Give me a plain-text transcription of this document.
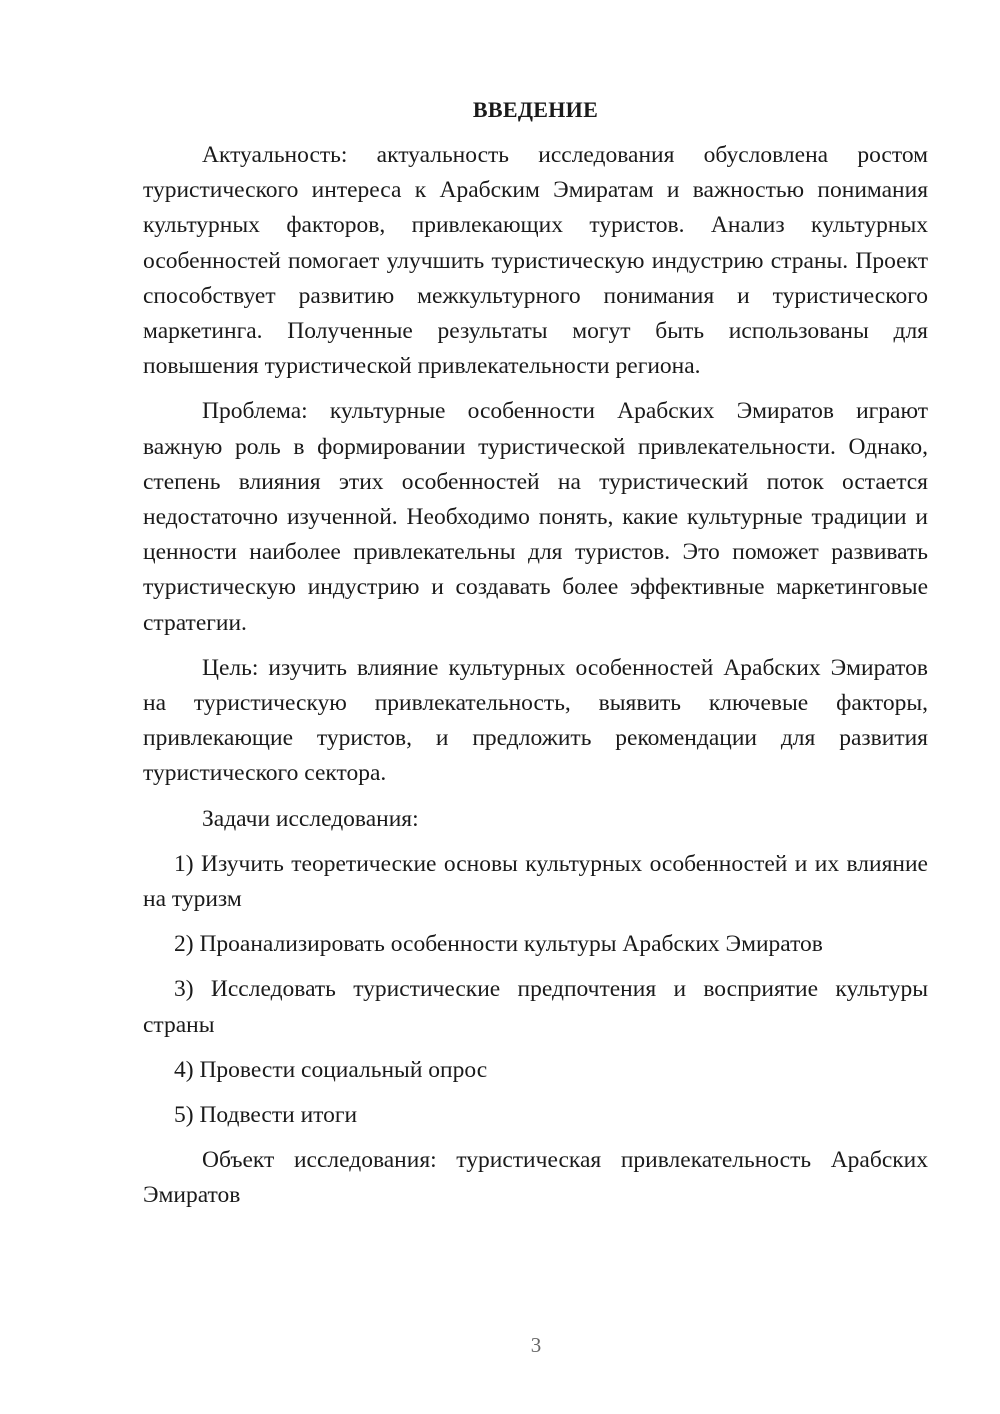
ВВЕДЕНИЕ

Актуальность: актуальность исследования обусловлена ростом туристического интереса к Арабским Эмиратам и важностью понимания культурных факторов, привлекающих туристов. Анализ культурных особенностей помогает улучшить туристическую индустрию страны. Проект способствует развитию межкультурного понимания и туристического маркетинга. Полученные результаты могут быть использованы для повышения туристической привлекательности региона.

Проблема: культурные особенности Арабских Эмиратов играют важную роль в формировании туристической привлекательности. Однако, степень влияния этих особенностей на туристический поток остается недостаточно изученной. Необходимо понять, какие культурные традиции и ценности наиболее привлекательны для туристов. Это поможет развивать туристическую индустрию и создавать более эффективные маркетинговые стратегии.

Цель: изучить влияние культурных особенностей Арабских Эмиратов на туристическую привлекательность, выявить ключевые факторы, привлекающие туристов, и предложить рекомендации для развития туристического сектора.

Задачи исследования:

1) Изучить теоретические основы культурных особенностей и их влияние на туризм

2) Проанализировать особенности культуры Арабских Эмиратов

3) Исследовать туристические предпочтения и восприятие культуры страны

4) Провести социальный опрос

5) Подвести итоги

Объект исследования: туристическая привлекательность Арабских Эмиратов

3
